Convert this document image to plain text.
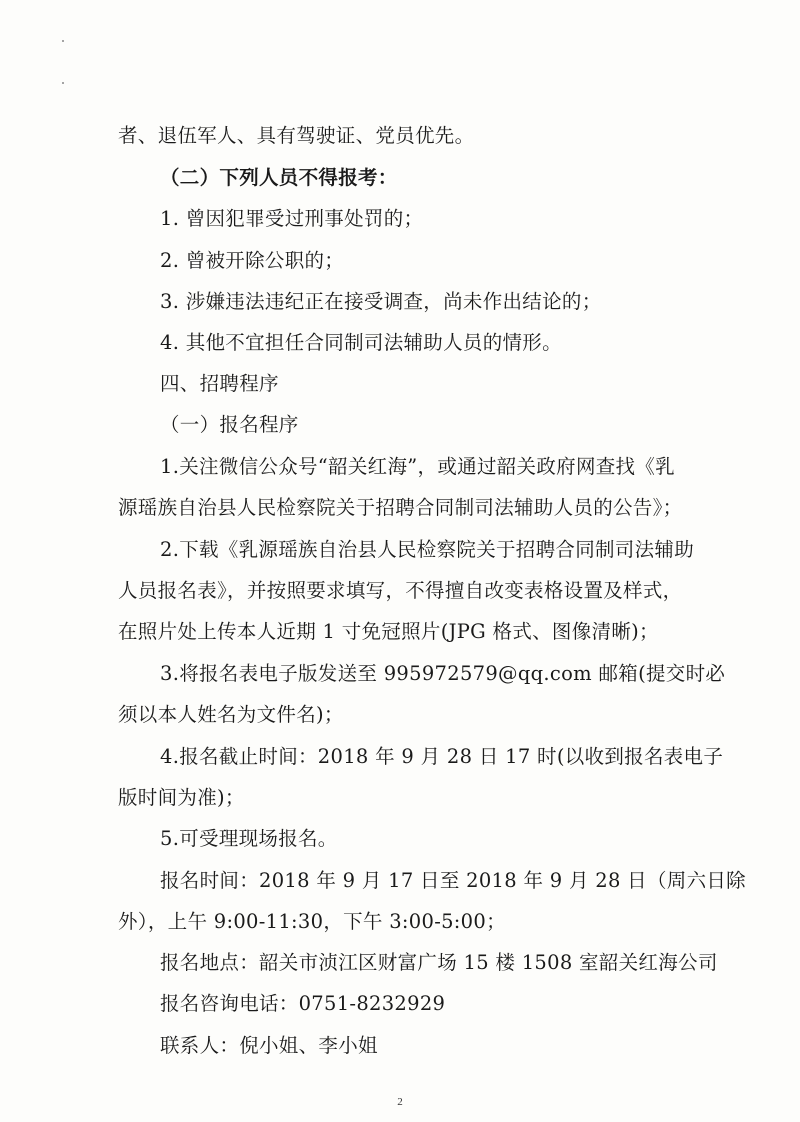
者、退伍军人、具有驾驶证、党员优先。
（二）下列人员不得报考：
1. 曾因犯罪受过刑事处罚的；
2. 曾被开除公职的；
3. 涉嫌违法违纪正在接受调查，尚未作出结论的；
4. 其他不宜担任合同制司法辅助人员的情形。
四、招聘程序
（一）报名程序
1.关注微信公众号“韶关红海”，或通过韶关政府网查找《乳
源瑶族自治县人民检察院关于招聘合同制司法辅助人员的公告》；
2.下载《乳源瑶族自治县人民检察院关于招聘合同制司法辅助
人员报名表》，并按照要求填写，不得擅自改变表格设置及样式，
在照片处上传本人近期 1 寸免冠照片(JPG 格式、图像清晰)；
3.将报名表电子版发送至 995972579@qq.com 邮箱(提交时必
须以本人姓名为文件名)；
4.报名截止时间：2018 年 9 月 28 日 17 时(以收到报名表电子
版时间为准)；
5.可受理现场报名。
报名时间：2018 年 9 月 17 日至 2018 年 9 月 28 日（周六日除
外），上午 9:00-11:30，下午 3:00-5:00；
报名地点：韶关市浈江区财富广场 15 楼 1508 室韶关红海公司
报名咨询电话：0751-8232929
联系人：倪小姐、李小姐
2
